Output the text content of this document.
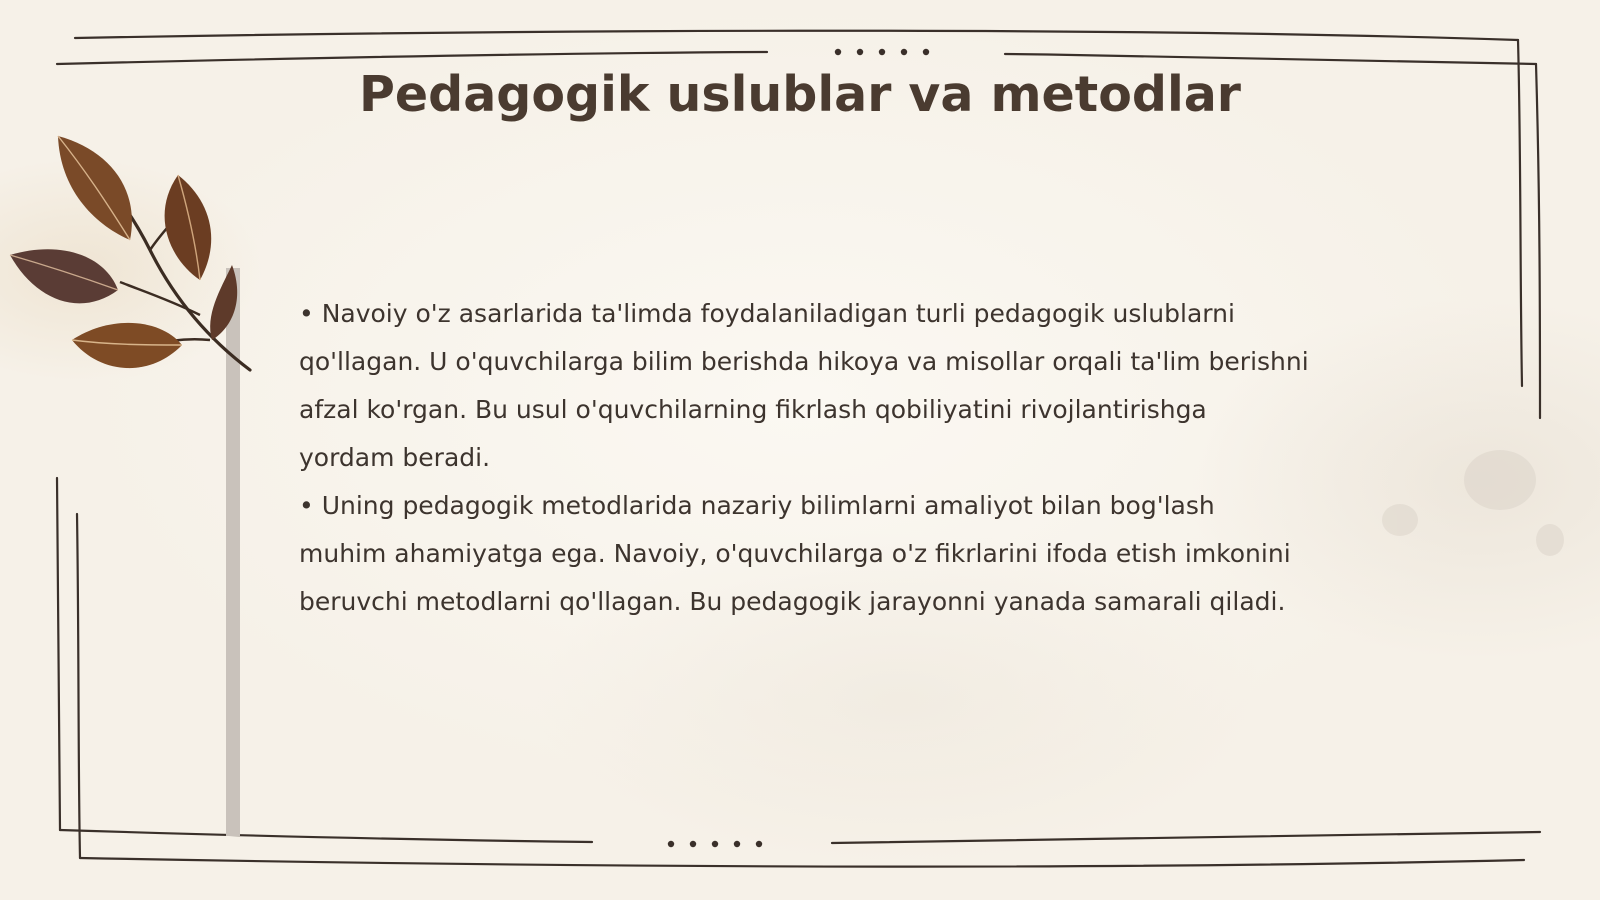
Pedagogik uslublar va metodlar

• Navoiy o'z asarlarida ta'limda foydalaniladigan turli pedagogik uslublarni qo'llagan. U o'quvchilarga bilim berishda hikoya va misollar orqali ta'lim berishni afzal ko'rgan. Bu usul o'quvchilarning fikrlash qobiliyatini rivojlantirishga yordam beradi.

• Uning pedagogik metodlarida nazariy bilimlarni amaliyot bilan bog'lash muhim ahamiyatga ega. Navoiy, o'quvchilarga o'z fikrlarini ifoda etish imkonini beruvchi metodlarni qo'llagan. Bu pedagogik jarayonni yanada samarali qiladi.
